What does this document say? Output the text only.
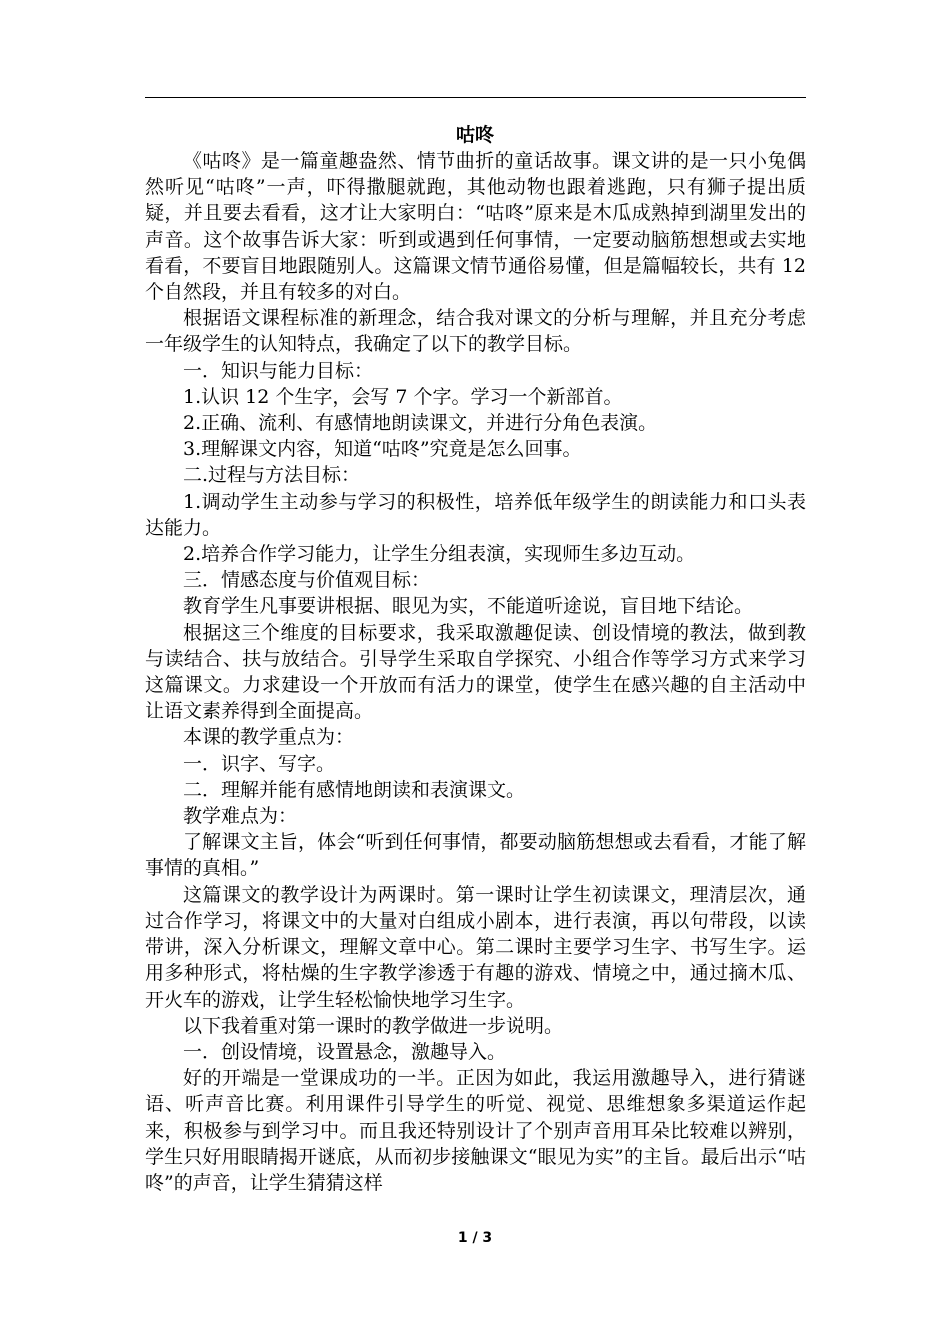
咕咚

《咕咚》是一篇童趣盎然、情节曲折的童话故事。课文讲的是一只小兔偶然听见“咕咚”一声，吓得撒腿就跑，其他动物也跟着逃跑，只有狮子提出质疑，并且要去看看，这才让大家明白：“咕咚”原来是木瓜成熟掉到湖里发出的声音。这个故事告诉大家：听到或遇到任何事情，一定要动脑筋想想或去实地看看，不要盲目地跟随别人。这篇课文情节通俗易懂，但是篇幅较长，共有 12 个自然段，并且有较多的对白。

根据语文课程标准的新理念，结合我对课文的分析与理解，并且充分考虑一年级学生的认知特点，我确定了以下的教学目标。

一．知识与能力目标：

1.认识 12 个生字，会写 7 个字。学习一个新部首。

2.正确、流利、有感情地朗读课文，并进行分角色表演。

3.理解课文内容，知道“咕咚”究竟是怎么回事。

二.过程与方法目标：

1.调动学生主动参与学习的积极性，培养低年级学生的朗读能力和口头表达能力。

2.培养合作学习能力，让学生分组表演，实现师生多边互动。

三．情感态度与价值观目标：

教育学生凡事要讲根据、眼见为实，不能道听途说，盲目地下结论。

根据这三个维度的目标要求，我采取激趣促读、创设情境的教法，做到教与读结合、扶与放结合。引导学生采取自学探究、小组合作等学习方式来学习这篇课文。力求建设一个开放而有活力的课堂，使学生在感兴趣的自主活动中让语文素养得到全面提高。

本课的教学重点为：

一．识字、写字。

二．理解并能有感情地朗读和表演课文。

教学难点为：

了解课文主旨，体会“听到任何事情，都要动脑筋想想或去看看，才能了解事情的真相。”

这篇课文的教学设计为两课时。第一课时让学生初读课文，理清层次，通过合作学习，将课文中的大量对白组成小剧本，进行表演，再以句带段，以读带讲，深入分析课文，理解文章中心。第二课时主要学习生字、书写生字。运用多种形式，将枯燥的生字教学渗透于有趣的游戏、情境之中，通过摘木瓜、开火车的游戏，让学生轻松愉快地学习生字。

以下我着重对第一课时的教学做进一步说明。

一．创设情境，设置悬念，激趣导入。

好的开端是一堂课成功的一半。正因为如此，我运用激趣导入，进行猜谜语、听声音比赛。利用课件引导学生的听觉、视觉、思维想象多渠道运作起来，积极参与到学习中。而且我还特别设计了个别声音用耳朵比较难以辨别，学生只好用眼睛揭开谜底，从而初步接触课文“眼见为实”的主旨。最后出示“咕咚”的声音，让学生猜猜这样

1 / 3
